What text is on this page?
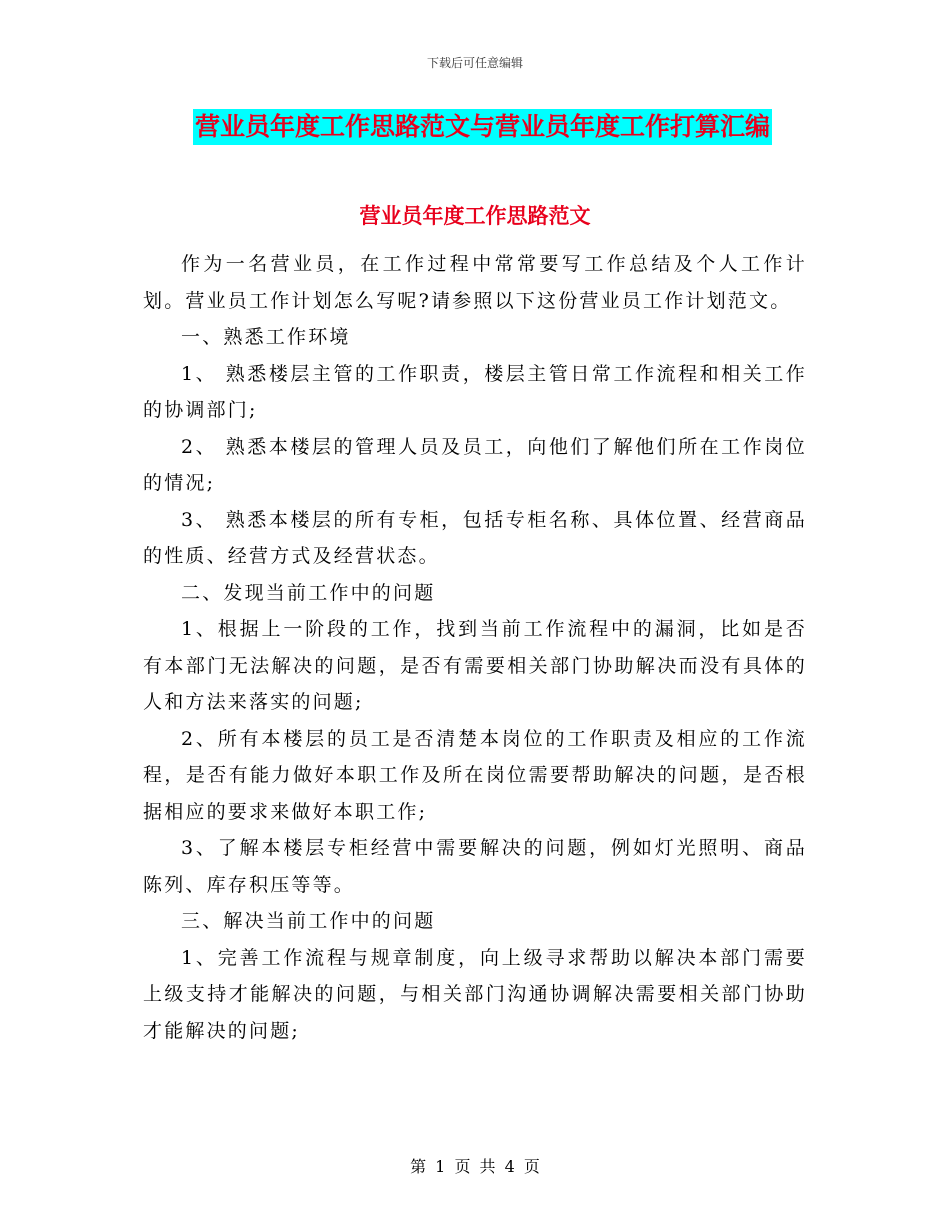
下载后可任意编辑
营业员年度工作思路范文与营业员年度工作打算汇编
营业员年度工作思路范文

作为一名营业员，在工作过程中常常要写工作总结及个人工作计划。营业员工作计划怎么写呢?请参照以下这份营业员工作计划范文。

一、熟悉工作环境

1、 熟悉楼层主管的工作职责，楼层主管日常工作流程和相关工作的协调部门;

2、 熟悉本楼层的管理人员及员工，向他们了解他们所在工作岗位的情况;

3、 熟悉本楼层的所有专柜，包括专柜名称、具体位置、经营商品的性质、经营方式及经营状态。

二、发现当前工作中的问题

1、根据上一阶段的工作，找到当前工作流程中的漏洞，比如是否有本部门无法解决的问题，是否有需要相关部门协助解决而没有具体的人和方法来落实的问题;

2、所有本楼层的员工是否清楚本岗位的工作职责及相应的工作流程，是否有能力做好本职工作及所在岗位需要帮助解决的问题，是否根据相应的要求来做好本职工作;

3、了解本楼层专柜经营中需要解决的问题，例如灯光照明、商品陈列、库存积压等等。

三、解决当前工作中的问题

1、完善工作流程与规章制度，向上级寻求帮助以解决本部门需要上级支持才能解决的问题，与相关部门沟通协调解决需要相关部门协助才能解决的问题;

第 1 页 共 4 页
